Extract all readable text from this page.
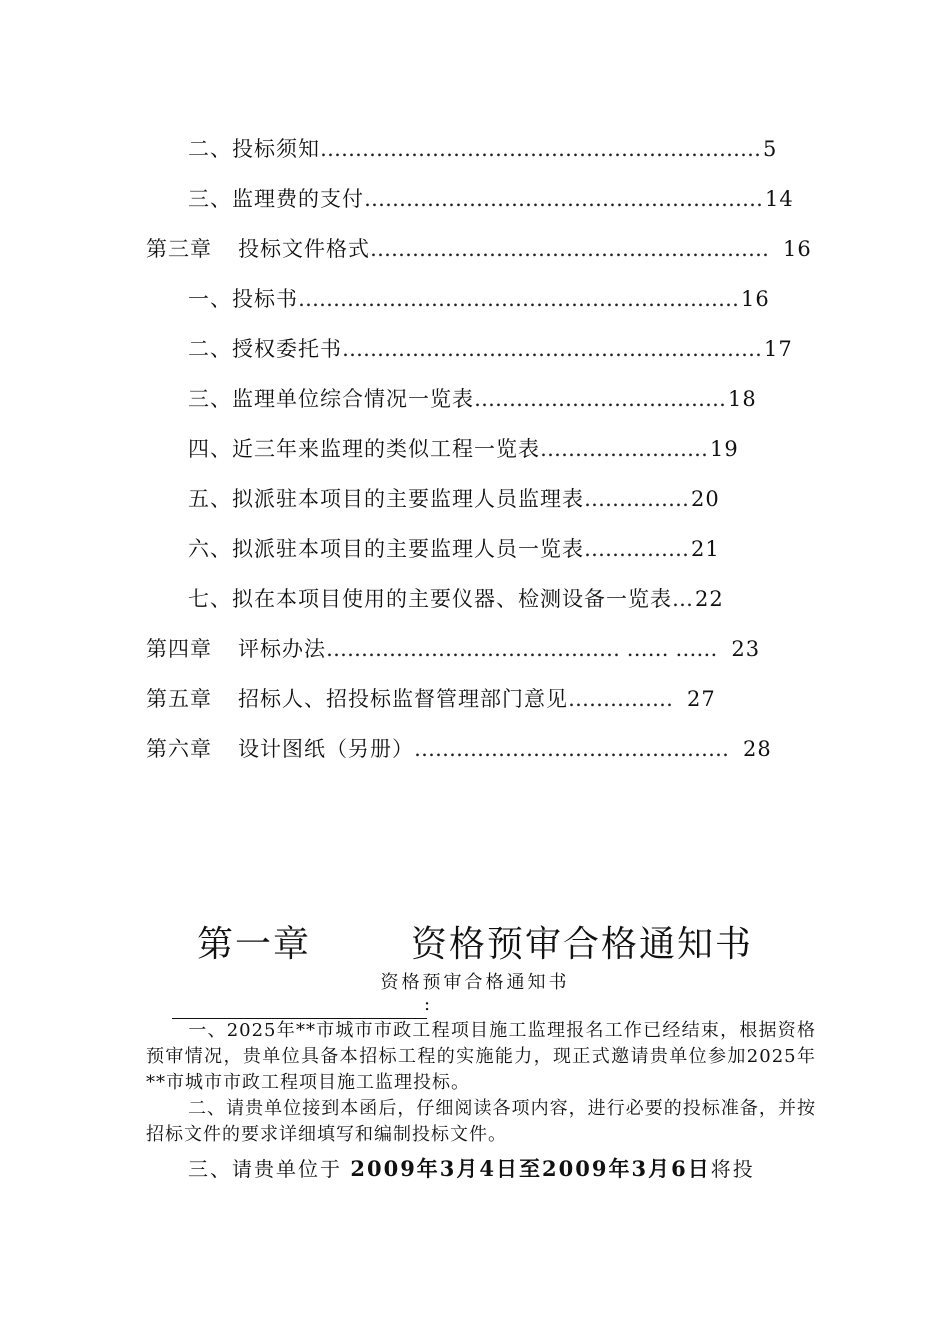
二、投标须知………………………………………………………5
三、监理费的支付…………………………………………………14
第三章 投标文件格式………………………………………………… 16
一、投标书………………………………………………………16
二、授权委托书……………………………………………………17
三、监理单位综合情况一览表………………………………18
四、近三年来监理的类似工程一览表……………………19
五、拟派驻本项目的主要监理人员监理表……………20
六、拟派驻本项目的主要监理人员一览表……………21
七、拟在本项目使用的主要仪器、检测设备一览表…22
第四章 评标办法…………………………………… …… …… 23
第五章 招标人、招投标监督管理部门意见…………… 27
第六章 设计图纸（另册）……………………………………… 28
第一章	资格预审合格通知书
资格预审合格通知书
:
一、2025年**市城市市政工程项目施工监理报名工作已经结束，根据资格预审情况，贵单位具备本招标工程的实施能力，现正式邀请贵单位参加2025年**市城市市政工程项目施工监理投标。
二、请贵单位接到本函后，仔细阅读各项内容，进行必要的投标准备，并按招标文件的要求详细填写和编制投标文件。
三、请贵单位于 2009年3月4日至2009年3月6日将投
